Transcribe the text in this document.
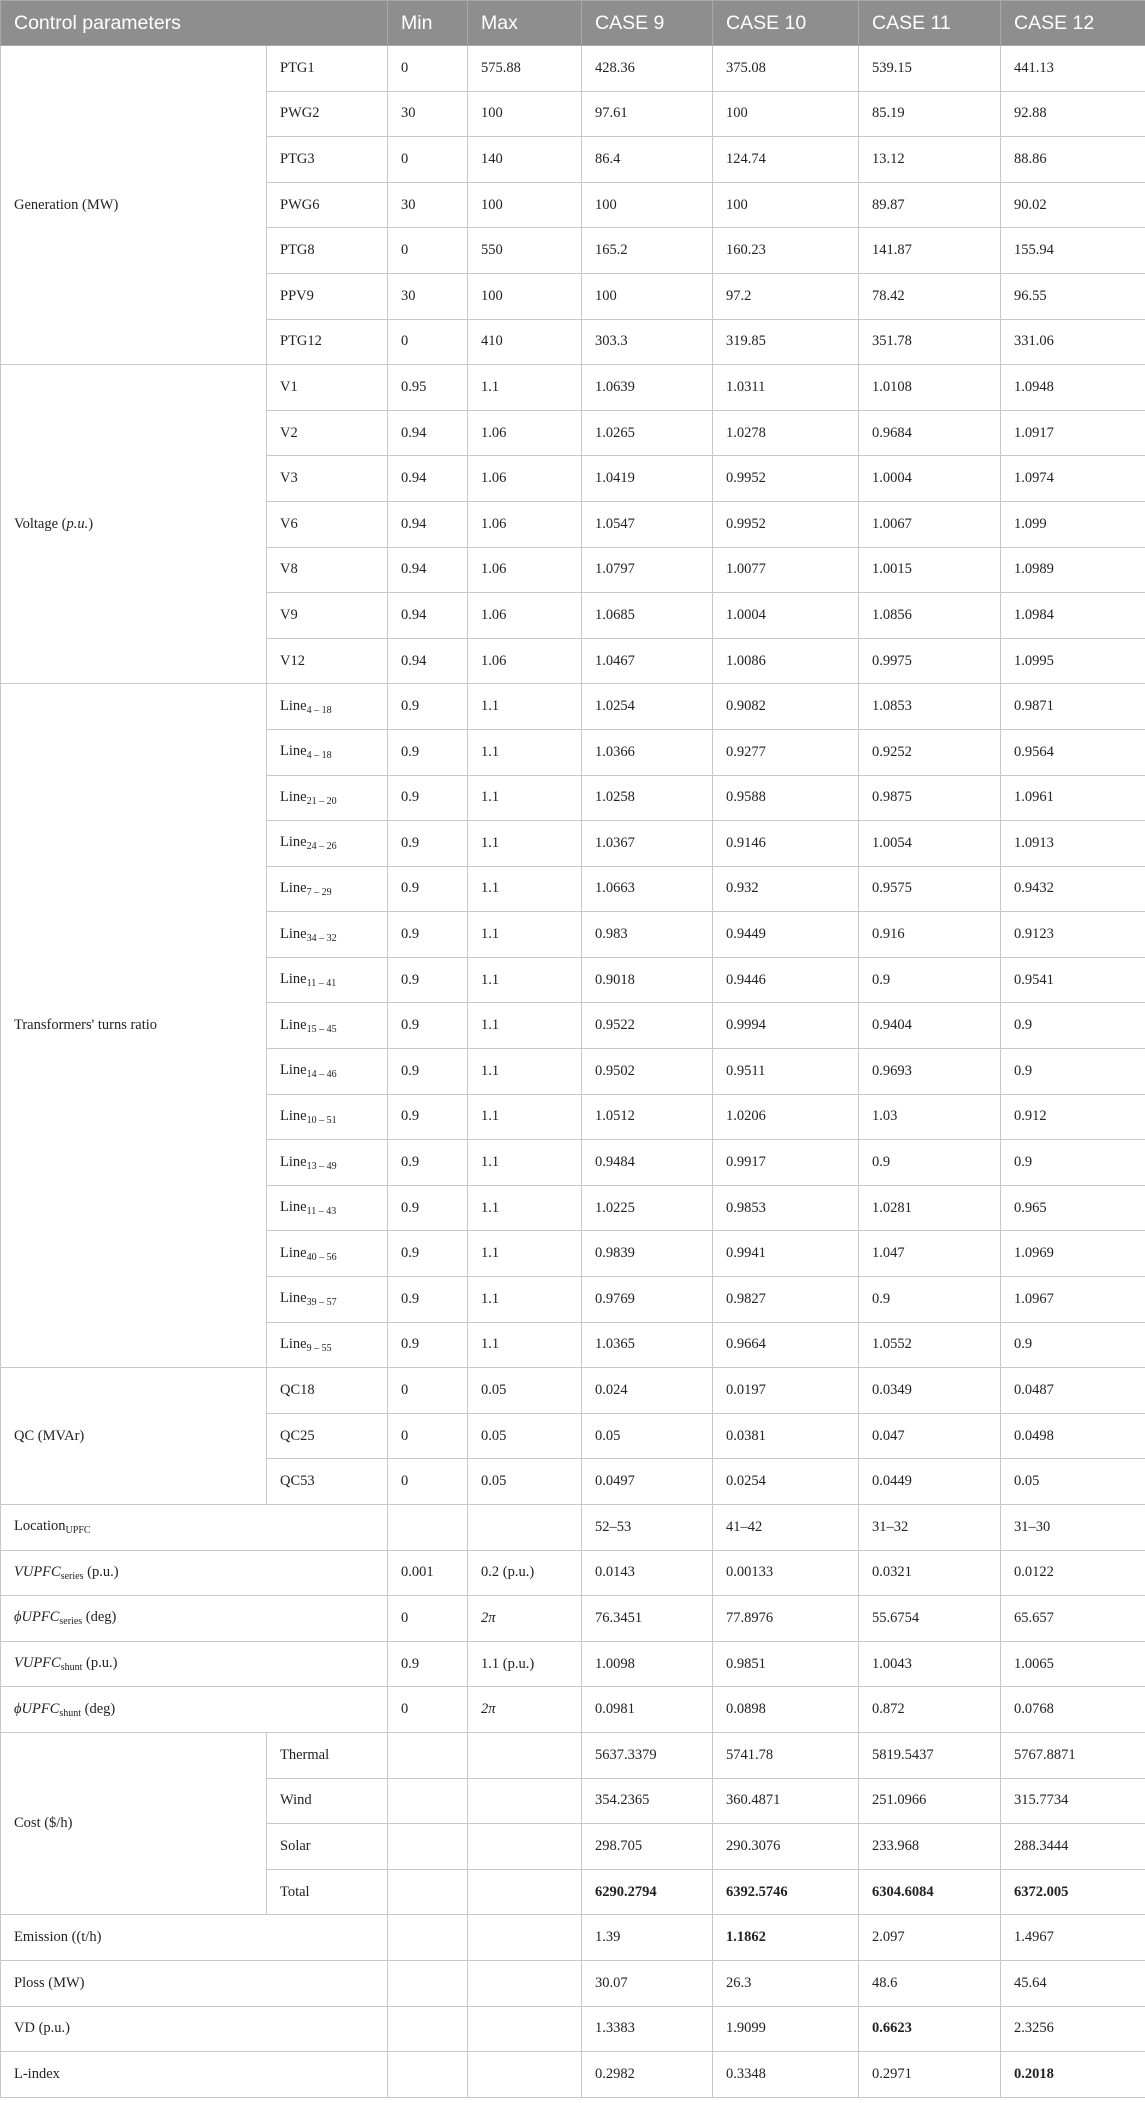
Control parameters		Min	Max	CASE 9	CASE 10	CASE 11	CASE 12
Generation (MW)	PTG1	0	575.88	428.36	375.08	539.15	441.13
	PWG2	30	100	97.61	100	85.19	92.88
	PTG3	0	140	86.4	124.74	13.12	88.86
	PWG6	30	100	100	100	89.87	90.02
	PTG8	0	550	165.2	160.23	141.87	155.94
	PPV9	30	100	100	97.2	78.42	96.55
	PTG12	0	410	303.3	319.85	351.78	331.06
Voltage (p.u.)	V1	0.95	1.1	1.0639	1.0311	1.0108	1.0948
	V2	0.94	1.06	1.0265	1.0278	0.9684	1.0917
	V3	0.94	1.06	1.0419	0.9952	1.0004	1.0974
	V6	0.94	1.06	1.0547	0.9952	1.0067	1.099
	V8	0.94	1.06	1.0797	1.0077	1.0015	1.0989
	V9	0.94	1.06	1.0685	1.0004	1.0856	1.0984
	V12	0.94	1.06	1.0467	1.0086	0.9975	1.0995
Transformers' turns ratio	Line$_{4 - 18}$	0.9	1.1	1.0254	0.9082	1.0853	0.9871
	Line$_{4 - 18}$	0.9	1.1	1.0366	0.9277	0.9252	0.9564
	Line$_{21 - 20}$	0.9	1.1	1.0258	0.9588	0.9875	1.0961
	Line$_{24 - 26}$	0.9	1.1	1.0367	0.9146	1.0054	1.0913
	Line$_{7 - 29}$	0.9	1.1	1.0663	0.932	0.9575	0.9432
	Line$_{34 - 32}$	0.9	1.1	0.983	0.9449	0.916	0.9123
	Line$_{11 - 41}$	0.9	1.1	0.9018	0.9446	0.9	0.9541
	Line$_{15 - 45}$	0.9	1.1	0.9522	0.9994	0.9404	0.9
	Line$_{14 - 46}$	0.9	1.1	0.9502	0.9511	0.9693	0.9
	Line$_{10 - 51}$	0.9	1.1	1.0512	1.0206	1.03	0.912
	Line$_{13 - 49}$	0.9	1.1	0.9484	0.9917	0.9	0.9
	Line$_{11 - 43}$	0.9	1.1	1.0225	0.9853	1.0281	0.965
	Line$_{40 - 56}$	0.9	1.1	0.9839	0.9941	1.047	1.0969
	Line$_{39 - 57}$	0.9	1.1	0.9769	0.9827	0.9	1.0967
	Line$_{9 - 55}$	0.9	1.1	1.0365	0.9664	1.0552	0.9
QC (MVAr)	QC18	0	0.05	0.024	0.0197	0.0349	0.0487
	QC25	0	0.05	0.05	0.0381	0.047	0.0498
	QC53	0	0.05	0.0497	0.0254	0.0449	0.05
Location$_{UPFC}$				52–53	41–42	31–32	31–30
$VUPFC_{series}$ (p.u.)		0.001	0.2 (p.u.)	0.0143	0.00133	0.0321	0.0122
ϕUPFC$_{series}$ (deg)		0	2π	76.3451	77.8976	55.6754	65.657
$VUPFC_{shunt}$ (p.u.)		0.9	1.1 (p.u.)	1.0098	0.9851	1.0043	1.0065
ϕUPFC$_{shunt}$ (deg)		0	2π	0.0981	0.0898	0.872	0.0768
Cost ($/h)	Thermal			5637.3379	5741.78	5819.5437	5767.8871
	Wind			354.2365	360.4871	251.0966	315.7734
	Solar			298.705	290.3076	233.968	288.3444
	Total			6290.2794	6392.5746	6304.6084	6372.005
Emission ((t/h)				1.39	1.1862	2.097	1.4967
Ploss (MW)				30.07	26.3	48.6	45.64
VD (p.u.)				1.3383	1.9099	0.6623	2.3256
L-index				0.2982	0.3348	0.2971	0.2018
